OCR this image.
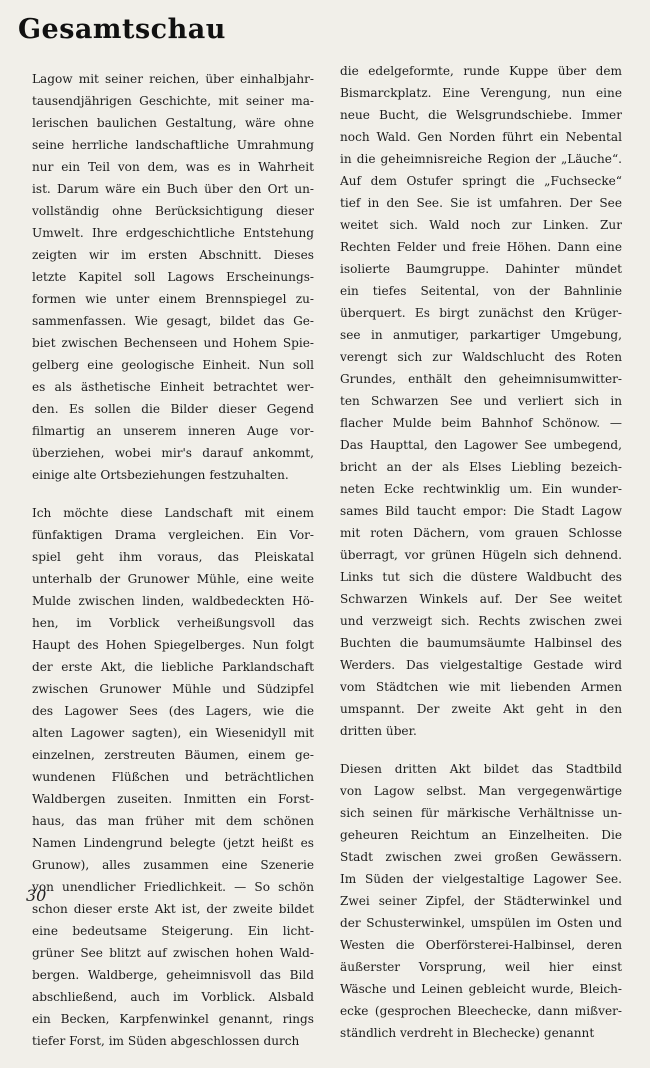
Gesamtschau
Lagow mit seiner reichen, über einhalbjahr-
tausendjährigen Geschichte, mit seiner ma-
lerischen baulichen Gestaltung, wäre ohne
seine herrliche landschaftliche Umrahmung
nur ein Teil von dem, was es in Wahrheit
ist. Darum wäre ein Buch über den Ort un-
vollständig ohne Berücksichtigung dieser
Umwelt. Ihre erdgeschichtliche Entstehung
zeigten wir im ersten Abschnitt. Dieses
letzte Kapitel soll Lagows Erscheinungs-
formen wie unter einem Brennspiegel zu-
sammenfassen. Wie gesagt, bildet das Ge-
biet zwischen Bechenseen und Hohem Spie-
gelberg eine geologische Einheit. Nun soll
es als ästhetische Einheit betrachtet wer-
den. Es sollen die Bilder dieser Gegend
filmartig an unserem inneren Auge vor-
überziehen, wobei mir's darauf ankommt,
einige alte Ortsbeziehungen festzuhalten.
Ich möchte diese Landschaft mit einem
fünfaktigen Drama vergleichen. Ein Vor-
spiel geht ihm voraus, das Pleiskatal
unterhalb der Grunower Mühle, eine weite
Mulde zwischen linden, waldbedeckten Hö-
hen, im Vorblick verheißungsvoll das
Haupt des Hohen Spiegelberges. Nun folgt
der erste Akt, die liebliche Parklandschaft
zwischen Grunower Mühle und Südzipfel
des Lagower Sees (des Lagers, wie die
alten Lagower sagten), ein Wiesenidyll mit
einzelnen, zerstreuten Bäumen, einem ge-
wundenen Flüßchen und beträchtlichen
Waldbergen zuseiten. Inmitten ein Forst-
haus, das man früher mit dem schönen
Namen Lindengrund belegte (jetzt heißt es
Grunow), alles zusammen eine Szenerie
von unendlicher Friedlichkeit. — So schön
schon dieser erste Akt ist, der zweite bildet
eine bedeutsame Steigerung. Ein licht-
grüner See blitzt auf zwischen hohen Wald-
bergen. Waldberge, geheimnisvoll das Bild
abschließend, auch im Vorblick. Alsbald
ein Becken, Karpfenwinkel genannt, rings
tiefer Forst, im Süden abgeschlossen durch
die edelgeformte, runde Kuppe über dem
Bismarckplatz. Eine Verengung, nun eine
neue Bucht, die Welsgrundschiebe. Immer
noch Wald. Gen Norden führt ein Nebental
in die geheimnisreiche Region der „Läuche“.
Auf dem Ostufer springt die „Fuchsecke“
tief in den See. Sie ist umfahren. Der See
weitet sich. Wald noch zur Linken. Zur
Rechten Felder und freie Höhen. Dann eine
isolierte Baumgruppe. Dahinter mündet
ein tiefes Seitental, von der Bahnlinie
überquert. Es birgt zunächst den Krüger-
see in anmutiger, parkartiger Umgebung,
verengt sich zur Waldschlucht des Roten
Grundes, enthält den geheimnisumwitter-
ten Schwarzen See und verliert sich in
flacher Mulde beim Bahnhof Schönow. —
Das Haupttal, den Lagower See umbegend,
bricht an der als Elses Liebling bezeich-
neten Ecke rechtwinklig um. Ein wunder-
sames Bild taucht empor: Die Stadt Lagow
mit roten Dächern, vom grauen Schlosse
überragt, vor grünen Hügeln sich dehnend.
Links tut sich die düstere Waldbucht des
Schwarzen Winkels auf. Der See weitet
und verzweigt sich. Rechts zwischen zwei
Buchten die baumumsäumte Halbinsel des
Werders. Das vielgestaltige Gestade wird
vom Städtchen wie mit liebenden Armen
umspannt. Der zweite Akt geht in den
dritten über.
Diesen dritten Akt bildet das Stadtbild
von Lagow selbst. Man vergegenwärtige
sich seinen für märkische Verhältnisse un-
geheuren Reichtum an Einzelheiten. Die
Stadt zwischen zwei großen Gewässern.
Im Süden der vielgestaltige Lagower See.
Zwei seiner Zipfel, der Städterwinkel und
der Schusterwinkel, umspülen im Osten und
Westen die Oberförsterei-Halbinsel, deren
äußerster Vorsprung, weil hier einst
Wäsche und Leinen gebleicht wurde, Bleich-
ecke (gesprochen Bleechecke, dann mißver-
ständlich verdreht in Blechecke) genannt
30
